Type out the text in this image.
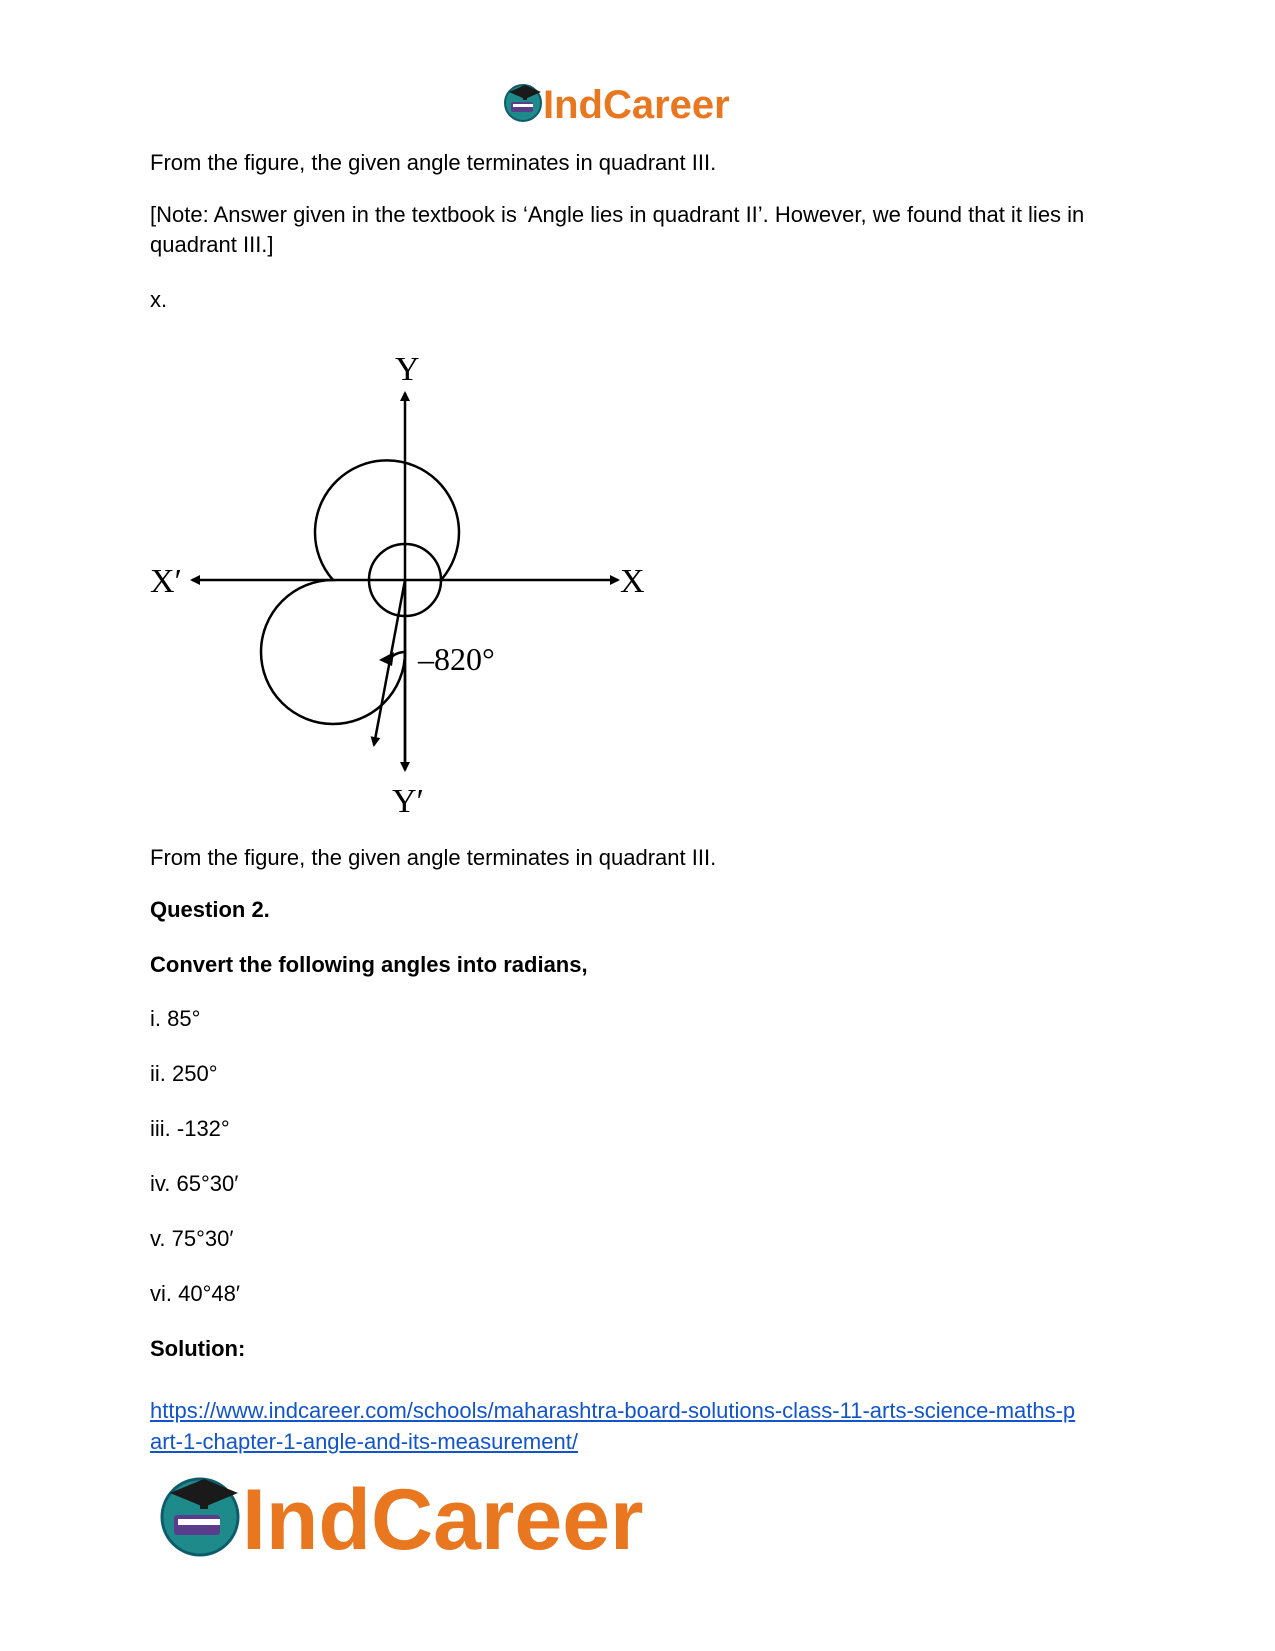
IndCareer
From the figure, the given angle terminates in quadrant III.
[Note: Answer given in the textbook is ‘Angle lies in quadrant II’. However, we found that it lies in
quadrant III.]
x.
Y
Y′
X
X′
–820°
From the figure, the given angle terminates in quadrant III.
Question 2.
Convert the following angles into radians,
i. 85°
ii. 250°
iii. -132°
iv. 65°30′
v. 75°30′
vi. 40°48′
Solution:
https://www.indcareer.com/schools/maharashtra-board-solutions-class-11-arts-science-maths-p
art-1-chapter-1-angle-and-its-measurement/
IndCareer
